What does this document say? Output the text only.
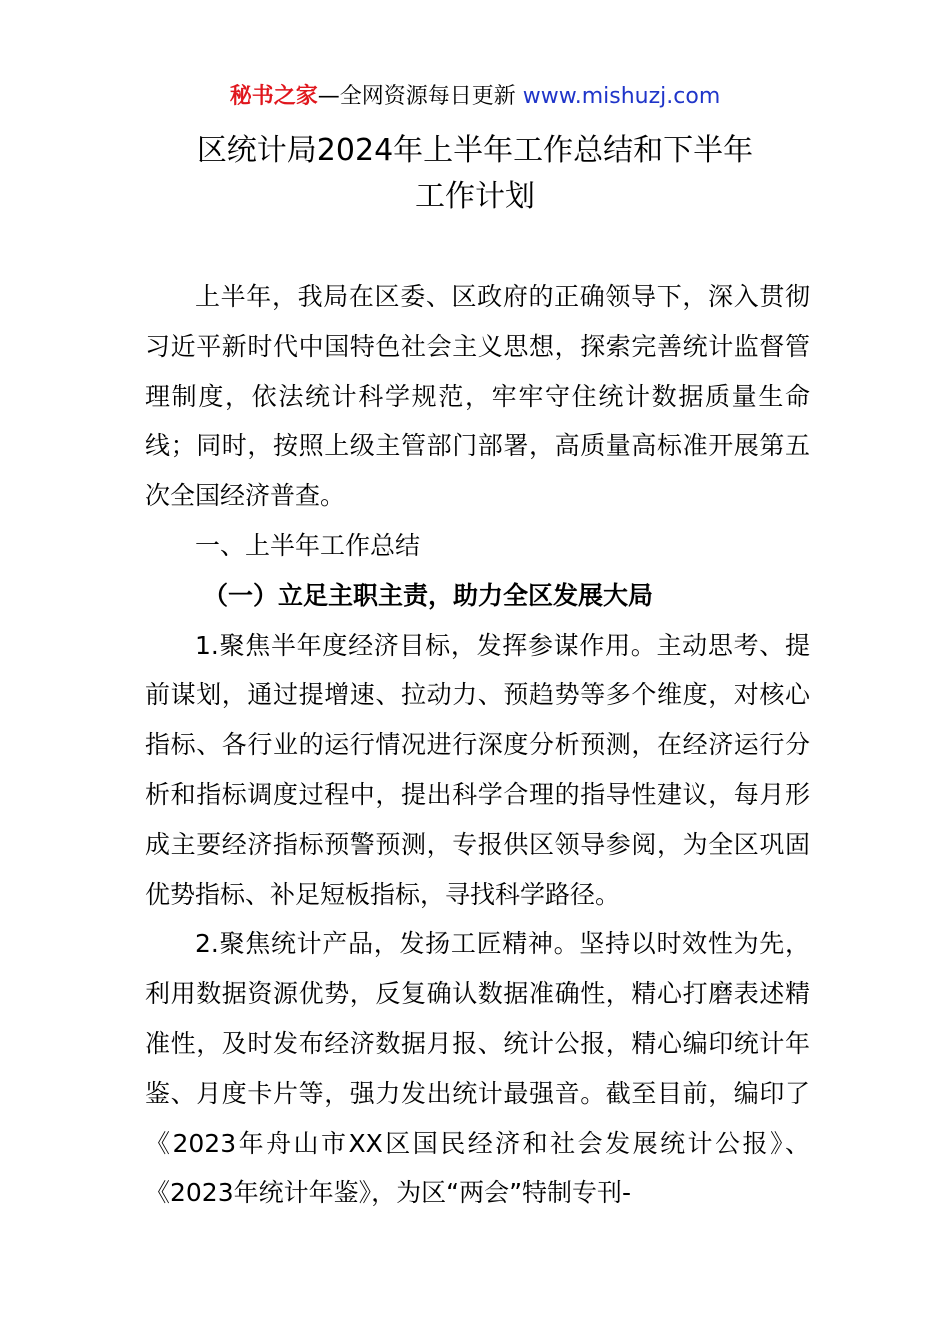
秘书之家—全网资源每日更新 www.mishuzj.com
区统计局2024年上半年工作总结和下半年
工作计划

上半年，我局在区委、区政府的正确领导下，深入贯彻习近平新时代中国特色社会主义思想，探索完善统计监督管理制度，依法统计科学规范，牢牢守住统计数据质量生命线；同时，按照上级主管部门部署，高质量高标准开展第五次全国经济普查。

一、上半年工作总结

（一）立足主职主责，助力全区发展大局

1.聚焦半年度经济目标，发挥参谋作用。主动思考、提前谋划，通过提增速、拉动力、预趋势等多个维度，对核心指标、各行业的运行情况进行深度分析预测，在经济运行分析和指标调度过程中，提出科学合理的指导性建议，每月形成主要经济指标预警预测，专报供区领导参阅，为全区巩固优势指标、补足短板指标，寻找科学路径。

2.聚焦统计产品，发扬工匠精神。坚持以时效性为先，利用数据资源优势，反复确认数据准确性，精心打磨表述精准性，及时发布经济数据月报、统计公报，精心编印统计年鉴、月度卡片等，强力发出统计最强音。截至目前，编印了《2023年舟山市XX区国民经济和社会发展统计公报》、《2023年统计年鉴》，为区“两会”特制专刊-
